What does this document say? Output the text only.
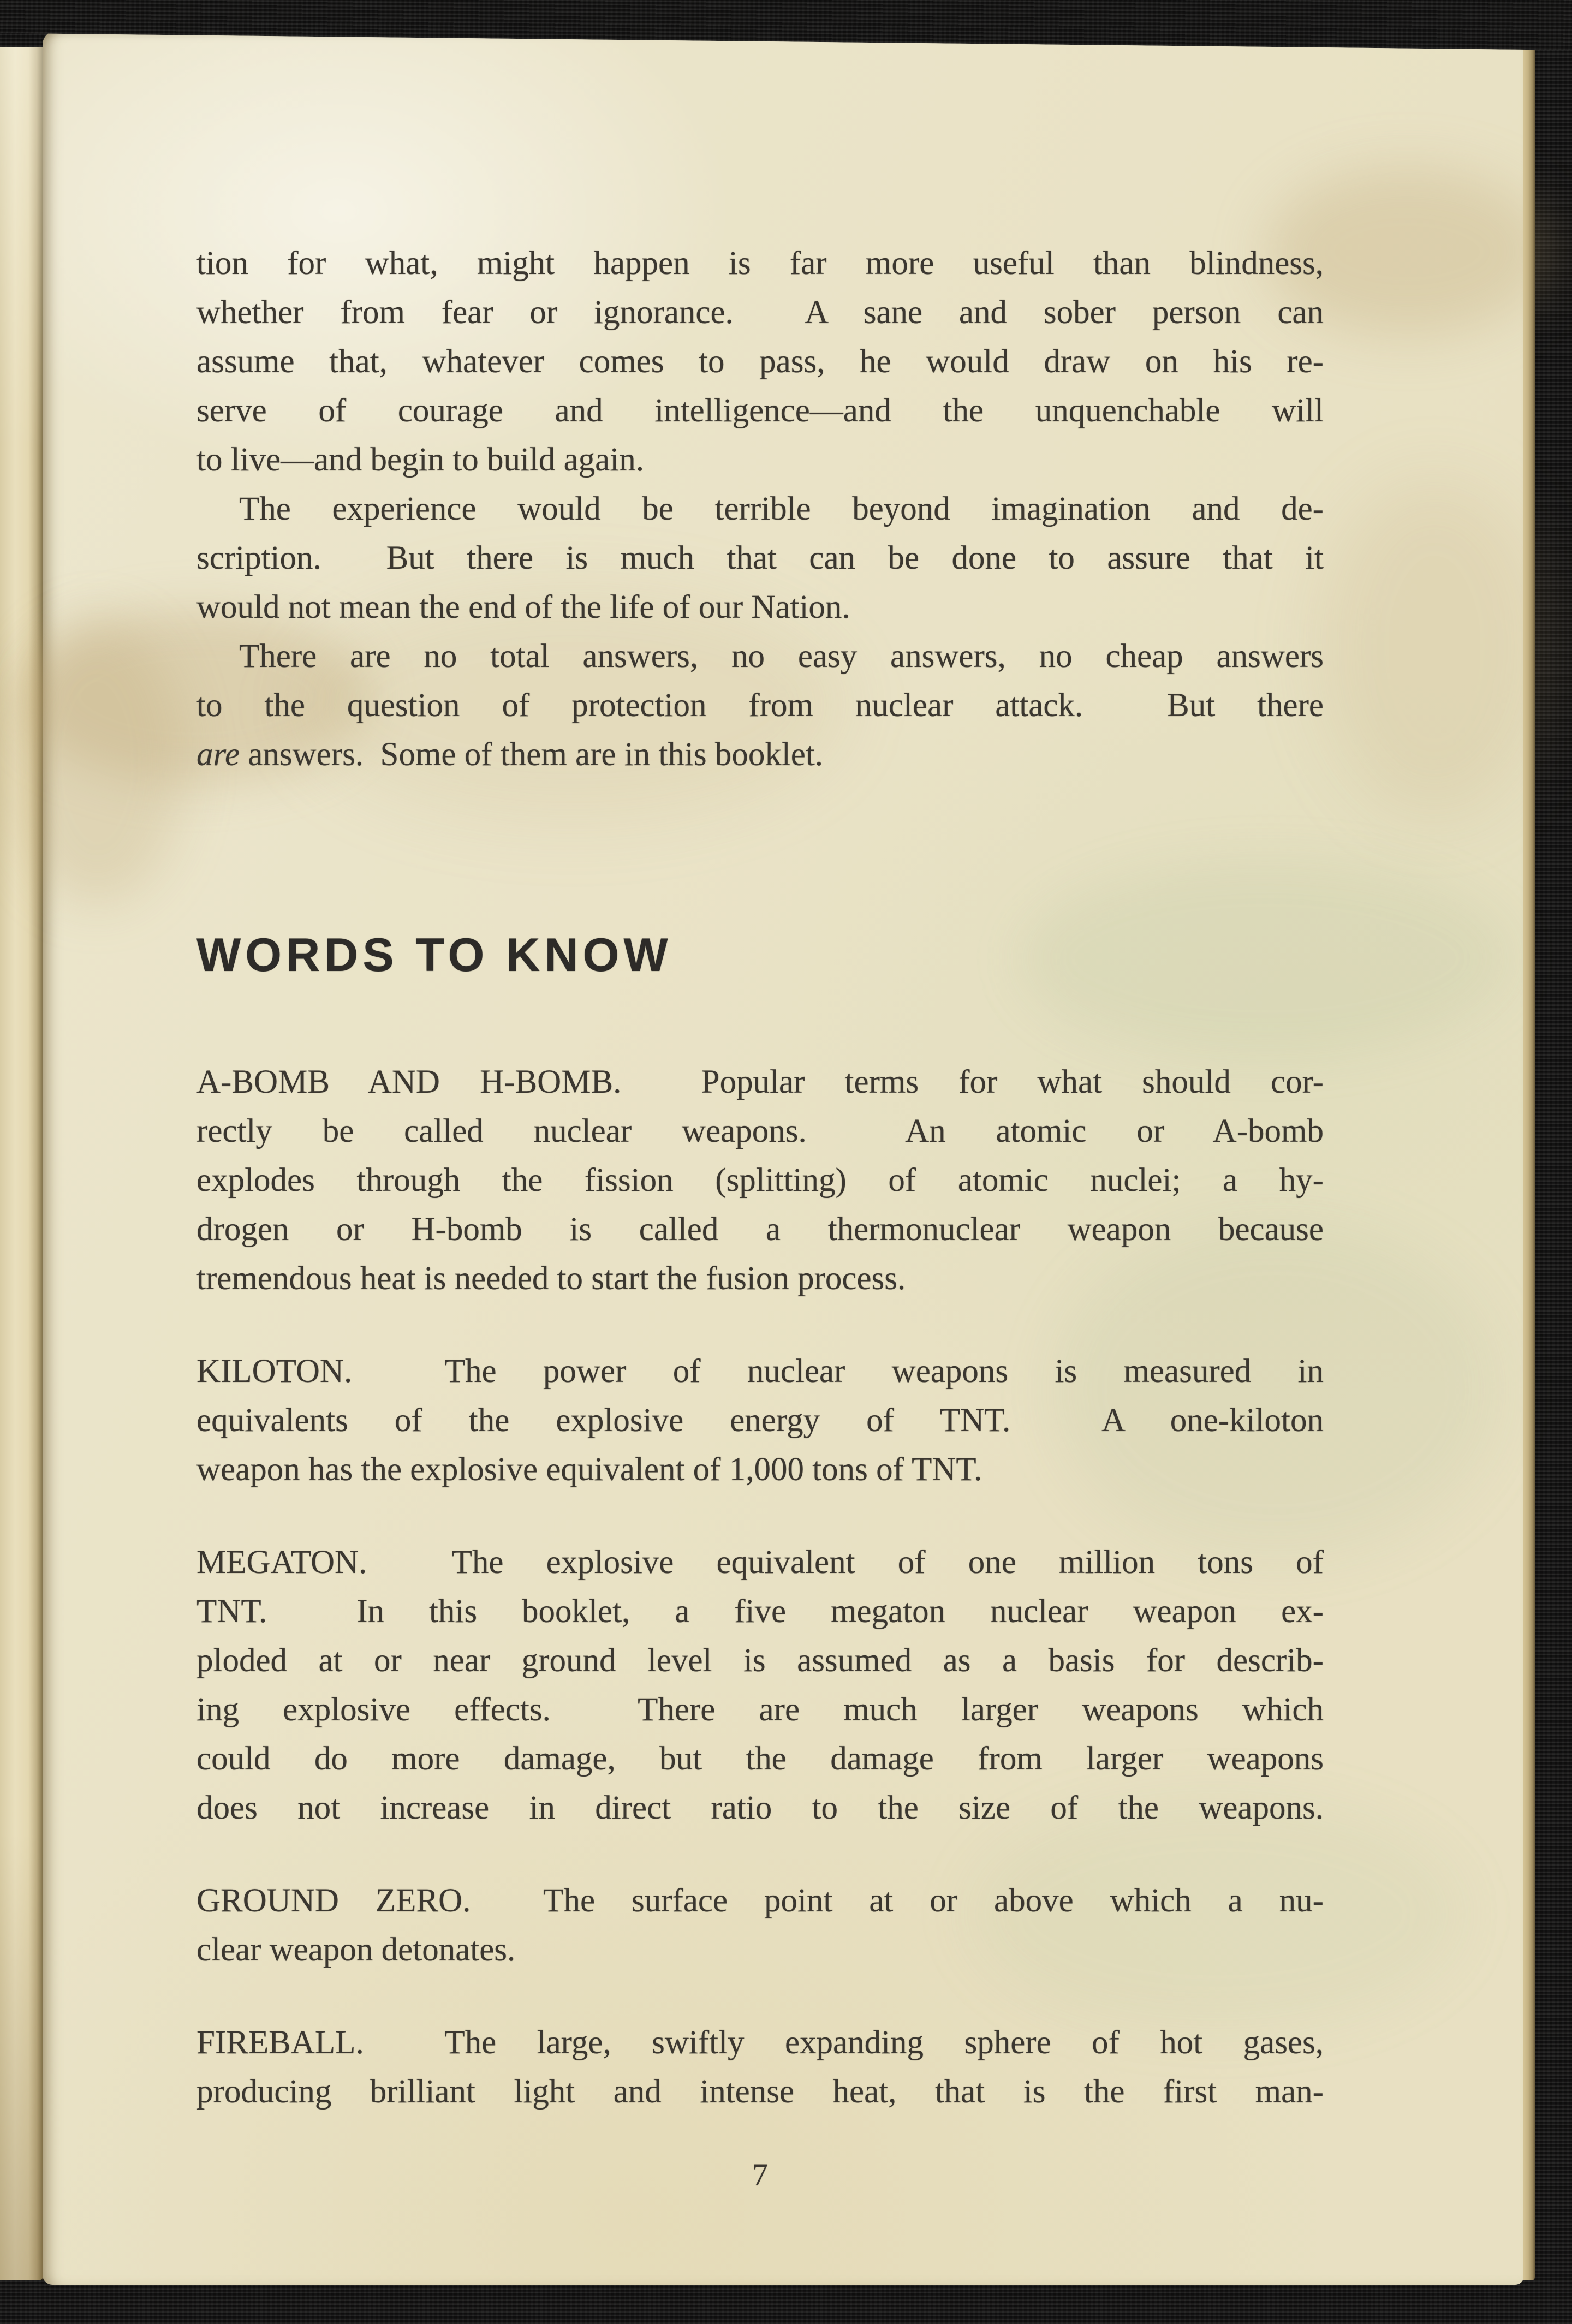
tion for what, might happen is far more useful than blindness,
whether from fear or ignorance.  A sane and sober person can
assume that, whatever comes to pass, he would draw on his re-
serve of courage and intelligence—and the unquenchable will
to live—and begin to build again.
The experience would be terrible beyond imagination and de-
scription.  But there is much that can be done to assure that it
would not mean the end of the life of our Nation.
There are no total answers, no easy answers, no cheap answers
to the question of protection from nuclear attack.  But there
are answers.  Some of them are in this booklet.
WORDS TO KNOW
A-BOMB AND H-BOMB.  Popular terms for what should cor-
rectly be called nuclear weapons.  An atomic or A-bomb
explodes through the fission (splitting) of atomic nuclei; a hy-
drogen or H-bomb is called a thermonuclear weapon because
tremendous heat is needed to start the fusion process.
KILOTON.  The power of nuclear weapons is measured in
equivalents of the explosive energy of TNT.  A one-kiloton
weapon has the explosive equivalent of 1,000 tons of TNT.
MEGATON.  The explosive equivalent of one million tons of
TNT.  In this booklet, a five megaton nuclear weapon ex-
ploded at or near ground level is assumed as a basis for describ-
ing explosive effects.  There are much larger weapons which
could do more damage, but the damage from larger weapons
does not increase in direct ratio to the size of the weapons.
GROUND ZERO.  The surface point at or above which a nu-
clear weapon detonates.
FIREBALL.  The large, swiftly expanding sphere of hot gases,
producing brilliant light and intense heat, that is the first man-
7
